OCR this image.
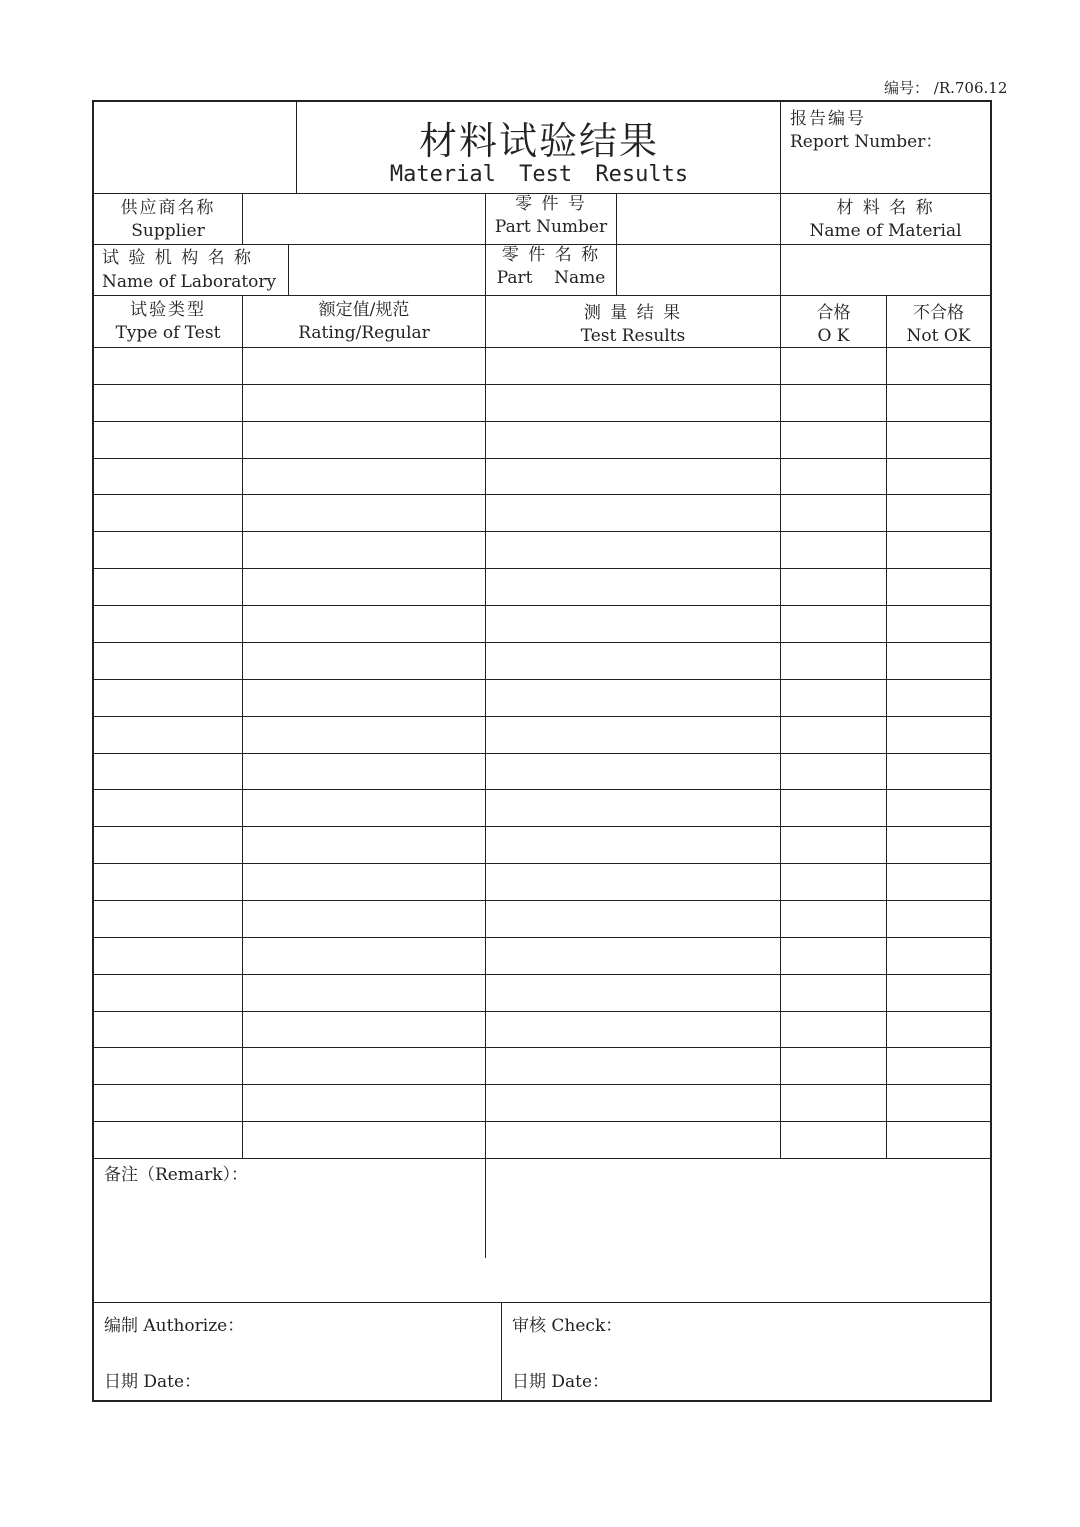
编号： /R.706.12
材料试验结果
Material Test Results
报告编号
Report Number：
供应商名称
Supplier
零 件 号
Part Number
材 料 名 称
Name of Material
试 验 机 构 名 称
Name of Laboratory
零 件 名 称
Part    Name
试验类型
Type of Test
额定值/规范
Rating/Regular
测 量 结 果
Test Results
合格
O K
不合格
Not OK
备注（Remark）：
编制 Authorize：
日期 Date：
审核 Check：
日期 Date：
